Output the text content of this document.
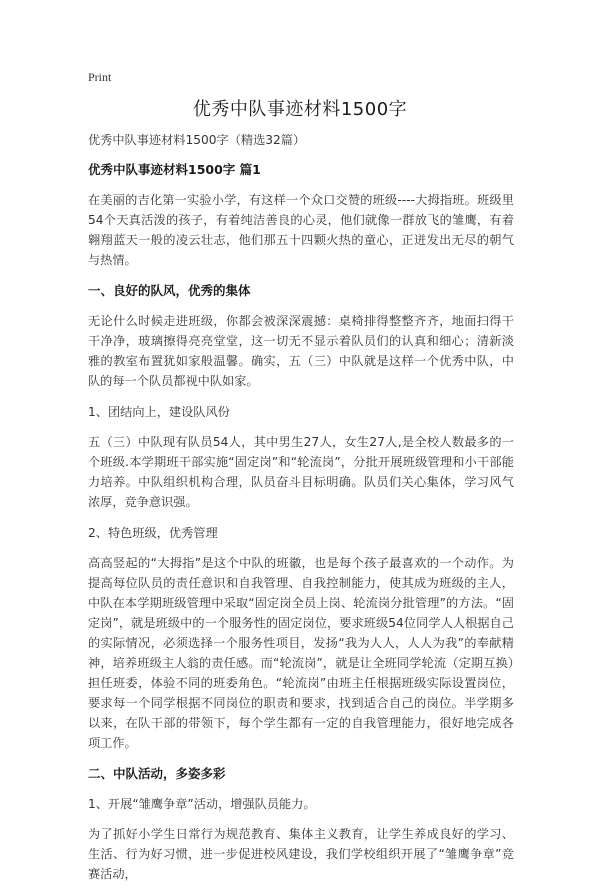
Print
优秀中队事迹材料1500字

优秀中队事迹材料1500字（精选32篇）

优秀中队事迹材料1500字 篇1

在美丽的吉化第一实验小学，有这样一个众口交赞的班级----大拇指班。班级里54个天真活泼的孩子，有着纯洁善良的心灵，他们就像一群放飞的雏鹰，有着翱翔蓝天一般的凌云壮志，他们那五十四颗火热的童心，正迸发出无尽的朝气与热情。

一、良好的队风，优秀的集体

无论什么时候走进班级，你都会被深深震撼：桌椅排得整整齐齐，地面扫得干干净净，玻璃擦得亮亮堂堂，这一切无不显示着队员们的认真和细心；清新淡雅的教室布置犹如家般温馨。确实，五（三）中队就是这样一个优秀中队，中队的每一个队员都视中队如家。

1、团结向上，建设队风份

五（三）中队现有队员54人，其中男生27人，女生27人,是全校人数最多的一个班级.本学期班干部实施“固定岗”和“轮流岗”，分批开展班级管理和小干部能力培养。中队组织机构合理，队员奋斗目标明确。队员们关心集体，学习风气浓厚，竞争意识强。

2、特色班级，优秀管理

高高竖起的“大拇指”是这个中队的班徽，也是每个孩子最喜欢的一个动作。为提高每位队员的责任意识和自我管理、自我控制能力，使其成为班级的主人，中队在本学期班级管理中采取“固定岗全员上岗、轮流岗分批管理”的方法。“固定岗”，就是班级中的一个服务性的固定岗位，要求班级54位同学人人根据自己的实际情况，必须选择一个服务性项目，发扬“我为人人，人人为我”的奉献精神，培养班级主人翁的责任感。而“轮流岗”，就是让全班同学轮流（定期互换）担任班委，体验不同的班委角色。“轮流岗”由班主任根据班级实际设置岗位，要求每一个同学根据不同岗位的职责和要求，找到适合自己的岗位。半学期多以来，在队干部的带领下，每个学生都有一定的自我管理能力，很好地完成各项工作。

二、中队活动，多姿多彩

1、开展“雏鹰争章”活动，增强队员能力。

为了抓好小学生日常行为规范教育、集体主义教育，让学生养成良好的学习、生活、行为好习惯，进一步促进校风建设，我们学校组织开展了“雏鹰争章”竞赛活动，
